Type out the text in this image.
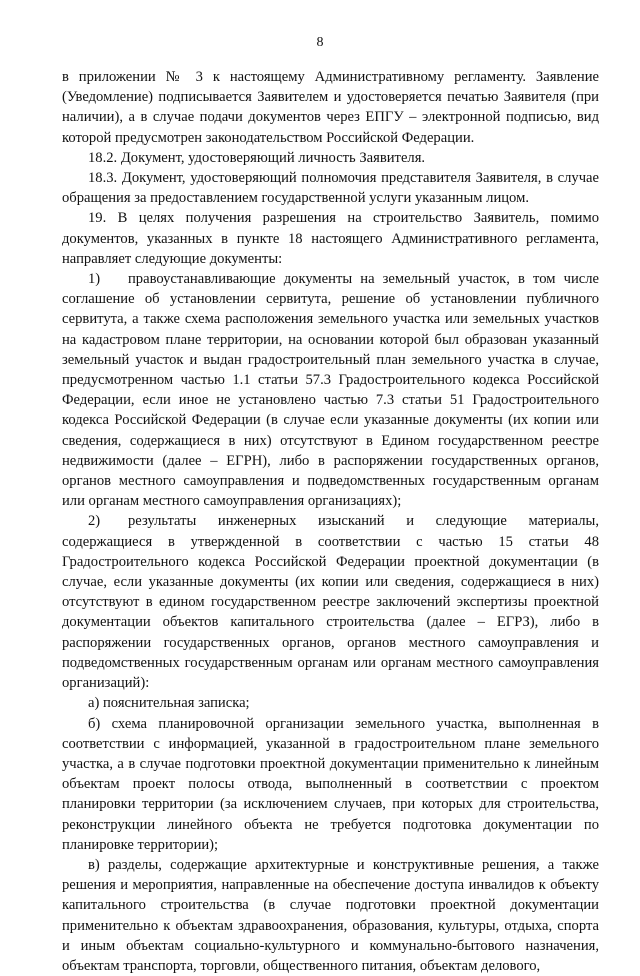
8

в приложении № 3 к настоящему Административному регламенту. Заявление (Уведомление) подписывается Заявителем и удостоверяется печатью Заявителя (при наличии), а в случае подачи документов через ЕПГУ – электронной подписью, вид которой предусмотрен законодательством Российской Федерации.

18.2. Документ, удостоверяющий личность Заявителя.

18.3. Документ, удостоверяющий полномочия представителя Заявителя, в случае обращения за предоставлением государственной услуги указанным лицом.

19. В целях получения разрешения на строительство Заявитель, помимо документов, указанных в пункте 18 настоящего Административного регламента, направляет следующие документы:

1) правоустанавливающие документы на земельный участок, в том числе соглашение об установлении сервитута, решение об установлении публичного сервитута, а также схема расположения земельного участка или земельных участков на кадастровом плане территории, на основании которой был образован указанный земельный участок и выдан градостроительный план земельного участка в случае, предусмотренном частью 1.1 статьи 57.3 Градостроительного кодекса Российской Федерации, если иное не установлено частью 7.3 статьи 51 Градостроительного кодекса Российской Федерации (в случае если указанные документы (их копии или сведения, содержащиеся в них) отсутствуют в Едином государственном реестре недвижимости (далее – ЕГРН), либо в распоряжении государственных органов, органов местного самоуправления и подведомственных государственным органам или органам местного самоуправления организациях);

2) результаты инженерных изысканий и следующие материалы, содержащиеся в утвержденной в соответствии с частью 15 статьи 48 Градостроительного кодекса Российской Федерации проектной документации (в случае, если указанные документы (их копии или сведения, содержащиеся в них) отсутствуют в едином государственном реестре заключений экспертизы проектной документации объектов капитального строительства (далее – ЕГРЗ), либо в распоряжении государственных органов, органов местного самоуправления и подведомственных государственным органам или органам местного самоуправления организаций):

а) пояснительная записка;

б) схема планировочной организации земельного участка, выполненная в соответствии с информацией, указанной в градостроительном плане земельного участка, а в случае подготовки проектной документации применительно к линейным объектам проект полосы отвода, выполненный в соответствии с проектом планировки территории (за исключением случаев, при которых для строительства, реконструкции линейного объекта не требуется подготовка документации по планировке территории);

в) разделы, содержащие архитектурные и конструктивные решения, а также решения и мероприятия, направленные на обеспечение доступа инвалидов к объекту капитального строительства (в случае подготовки проектной документации применительно к объектам здравоохранения, образования, культуры, отдыха, спорта и иным объектам социально-культурного и коммунально-бытового назначения, объектам транспорта, торговли, общественного питания, объектам делового,
